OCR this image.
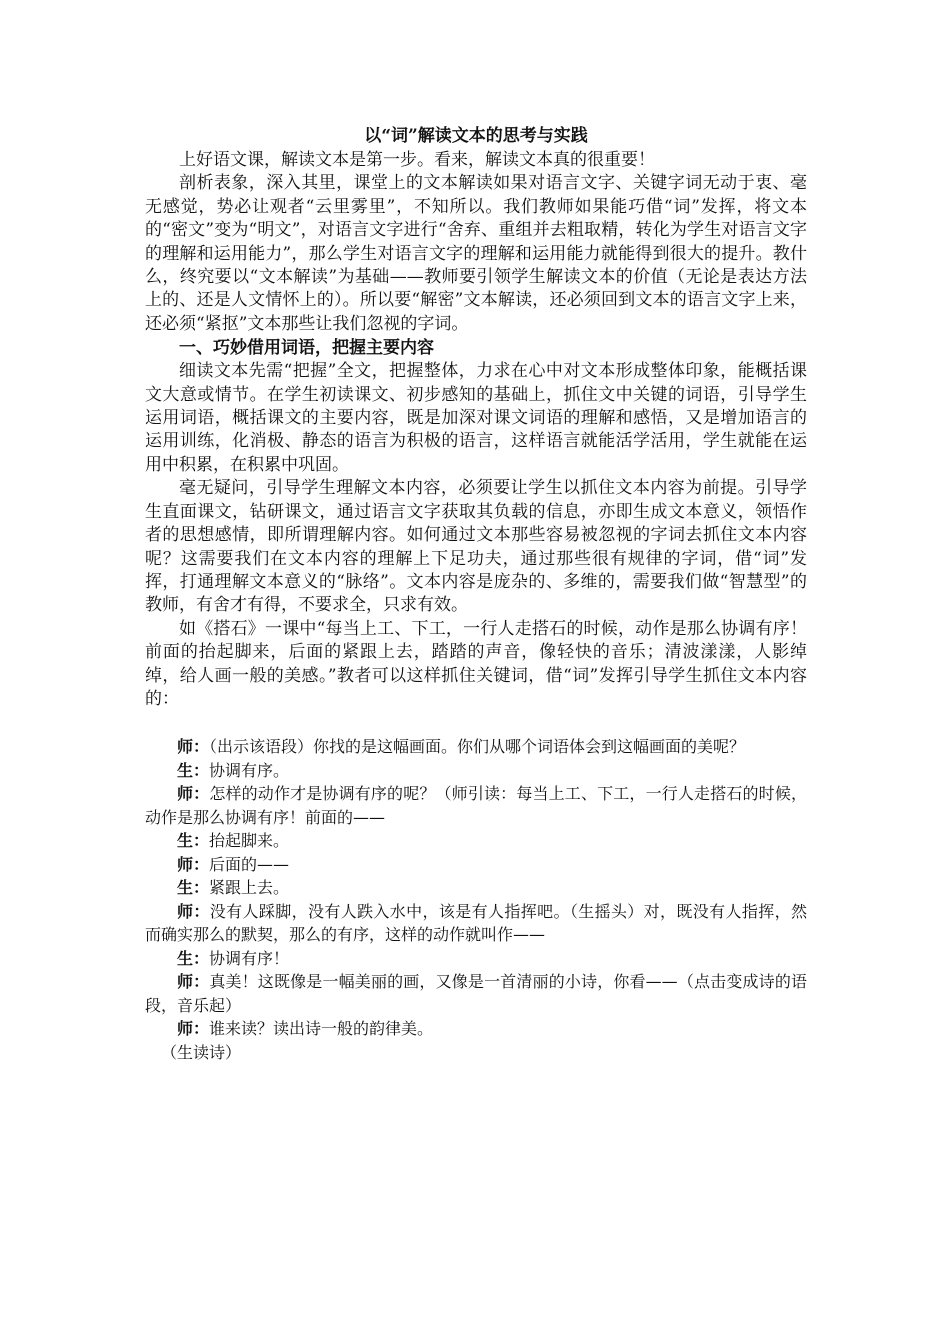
以“词”解读文本的思考与实践

上好语文课，解读文本是第一步。看来，解读文本真的很重要！

剖析表象，深入其里，课堂上的文本解读如果对语言文字、关键字词无动于衷、毫无感觉，势必让观者“云里雾里”，不知所以。我们教师如果能巧借“词”发挥，将文本的“密文”变为“明文”，对语言文字进行“舍弃、重组并去粗取精，转化为学生对语言文字的理解和运用能力”，那么学生对语言文字的理解和运用能力就能得到很大的提升。教什么，终究要以“文本解读”为基础——教师要引领学生解读文本的价值（无论是表达方法上的、还是人文情怀上的）。所以要“解密”文本解读，还必须回到文本的语言文字上来，还必须“紧抠”文本那些让我们忽视的字词。

一、巧妙借用词语，把握主要内容

细读文本先需“把握”全文，把握整体，力求在心中对文本形成整体印象，能概括课文大意或情节。在学生初读课文、初步感知的基础上，抓住文中关键的词语，引导学生运用词语，概括课文的主要内容，既是加深对课文词语的理解和感悟，又是增加语言的运用训练，化消极、静态的语言为积极的语言，这样语言就能活学活用，学生就能在运用中积累，在积累中巩固。

毫无疑问，引导学生理解文本内容，必须要让学生以抓住文本内容为前提。引导学生直面课文，钻研课文，通过语言文字获取其负载的信息，亦即生成文本意义，领悟作者的思想感情，即所谓理解内容。如何通过文本那些容易被忽视的字词去抓住文本内容呢？这需要我们在文本内容的理解上下足功夫，通过那些很有规律的字词，借“词”发挥，打通理解文本意义的“脉络”。文本内容是庞杂的、多维的，需要我们做“智慧型”的教师，有舍才有得，不要求全，只求有效。

如《搭石》一课中“每当上工、下工，一行人走搭石的时候，动作是那么协调有序！前面的抬起脚来，后面的紧跟上去，踏踏的声音，像轻快的音乐；清波漾漾，人影绰绰，给人画一般的美感。”教者可以这样抓住关键词，借“词”发挥引导学生抓住文本内容的：

师：（出示该语段）你找的是这幅画面。你们从哪个词语体会到这幅画面的美呢？

生：协调有序。

师：怎样的动作才是协调有序的呢？（师引读：每当上工、下工，一行人走搭石的时候，动作是那么协调有序！前面的——

生：抬起脚来。

师：后面的——

生：紧跟上去。

师：没有人踩脚，没有人跌入水中，该是有人指挥吧。（生摇头）对，既没有人指挥，然而确实那么的默契，那么的有序，这样的动作就叫作——

生：协调有序！

师：真美！这既像是一幅美丽的画，又像是一首清丽的小诗，你看——（点击变成诗的语段，音乐起）

师：谁来读？读出诗一般的韵律美。

（生读诗）
